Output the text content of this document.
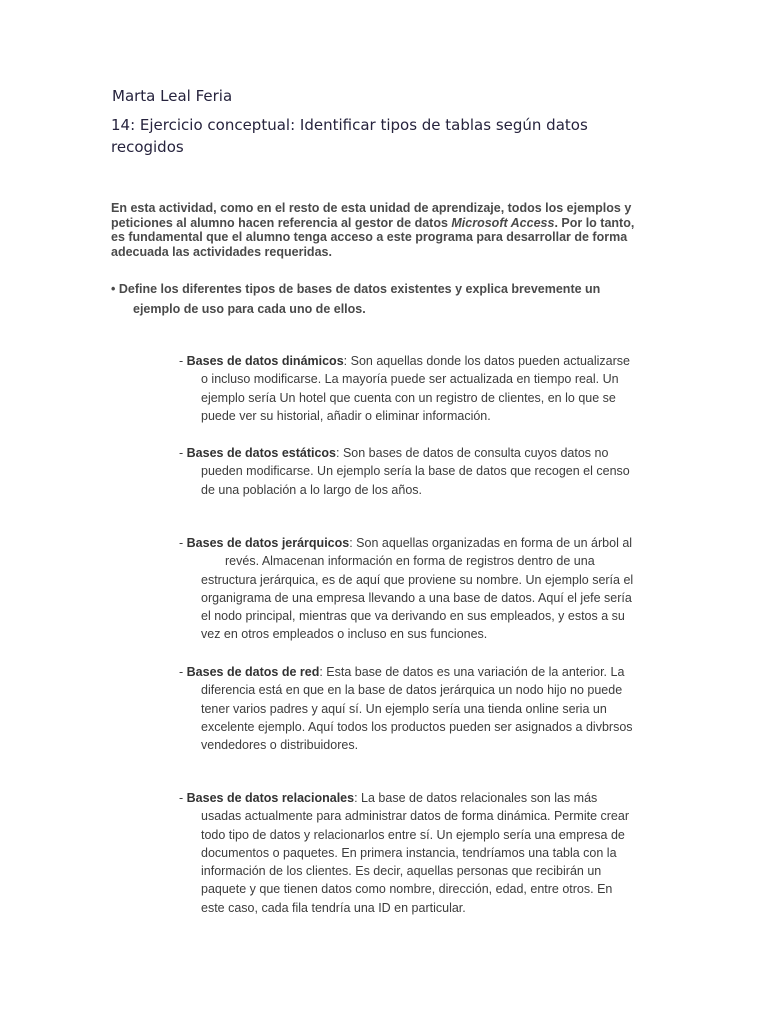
Marta Leal Feria
14: Ejercicio conceptual: Identificar tipos de tablas según datos
recogidos
En esta actividad, como en el resto de esta unidad de aprendizaje, todos los ejemplos y
peticiones al alumno hacen referencia al gestor de datos Microsoft Access. Por lo tanto,
es fundamental que el alumno tenga acceso a este programa para desarrollar de forma
adecuada las actividades requeridas.
• Define los diferentes tipos de bases de datos existentes y explica brevemente un
ejemplo de uso para cada uno de ellos.
- Bases de datos dinámicos: Son aquellas donde los datos pueden actualizarse
o incluso modificarse. La mayoría puede ser actualizada en tiempo real. Un
ejemplo sería Un hotel que cuenta con un registro de clientes, en lo que se
puede ver su historial, añadir o eliminar información.
- Bases de datos estáticos: Son bases de datos de consulta cuyos datos no
pueden modificarse. Un ejemplo sería la base de datos que recogen el censo
de una población a lo largo de los años.
- Bases de datos jerárquicos: Son aquellas organizadas en forma de un árbol al
revés. Almacenan información en forma de registros dentro de una
estructura jerárquica, es de aquí que proviene su nombre. Un ejemplo sería el
organigrama de una empresa llevando a una base de datos. Aquí el jefe sería
el nodo principal, mientras que va derivando en sus empleados, y estos a su
vez en otros empleados o incluso en sus funciones.
- Bases de datos de red: Esta base de datos es una variación de la anterior. La
diferencia está en que en la base de datos jerárquica un nodo hijo no puede
tener varios padres y aquí sí. Un ejemplo sería una tienda online seria un
excelente ejemplo. Aquí todos los productos pueden ser asignados a divbrsos
vendedores o distribuidores.
- Bases de datos relacionales: La base de datos relacionales son las más
usadas actualmente para administrar datos de forma dinámica. Permite crear
todo tipo de datos y relacionarlos entre sí. Un ejemplo sería una empresa de
documentos o paquetes. En primera instancia, tendríamos una tabla con la
información de los clientes. Es decir, aquellas personas que recibirán un
paquete y que tienen datos como nombre, dirección, edad, entre otros. En
este caso, cada fila tendría una ID en particular.
